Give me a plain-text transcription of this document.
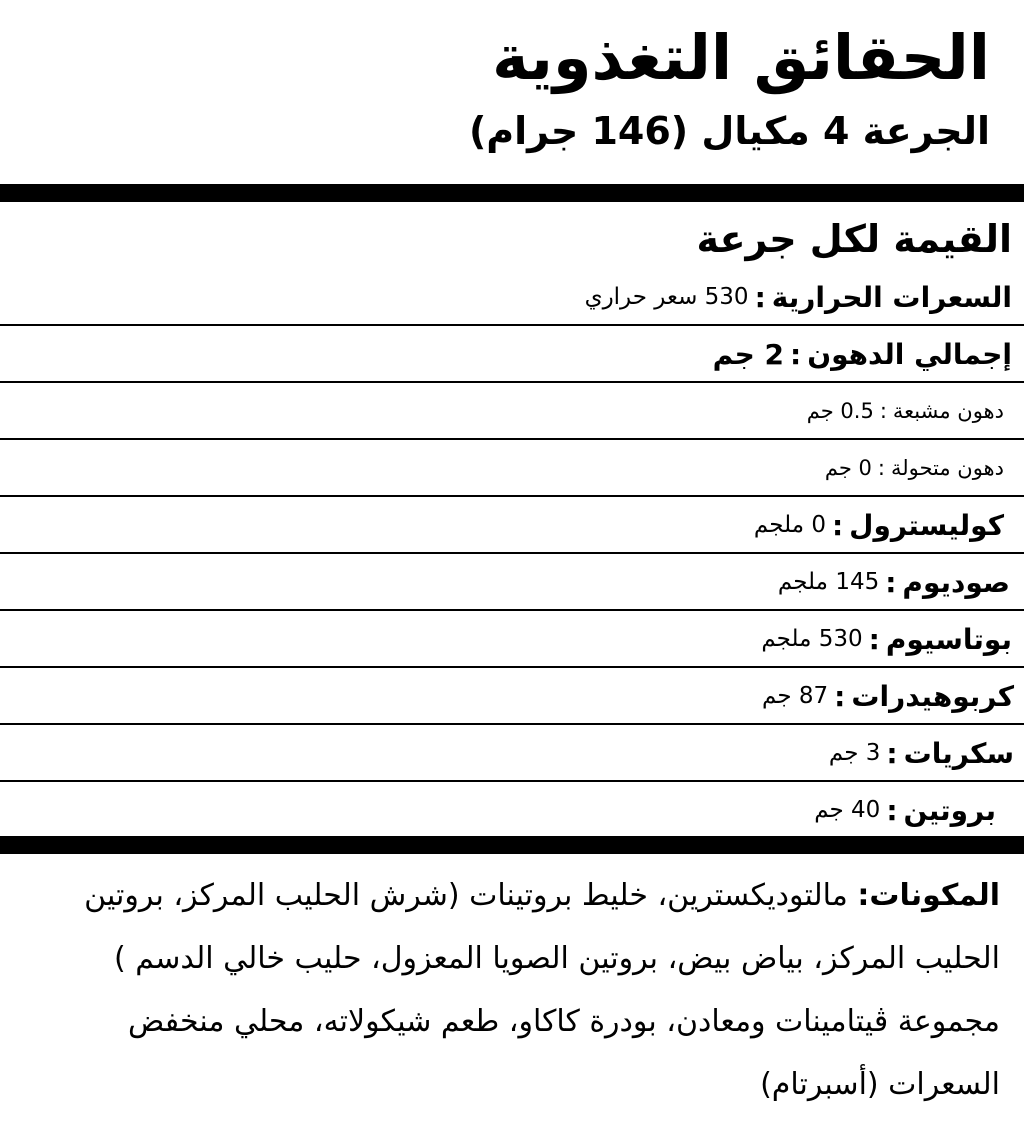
الحقائق التغذوية
الجرعة 4 مكيال (146 جرام)
القيمة لكل جرعة
السعرات الحرارية
:
530 سعر حراري
إجمالي الدهون
:
2 جم
دهون مشبعة
:
0.5 جم
دهون متحولة
:
0 جم
كوليسترول
:
0 ملجم
صوديوم
:
145 ملجم
بوتاسيوم
:
530 ملجم
كربوهيدرات
:
87 جم
سكريات
:
3 جم
بروتين
:
40 جم

المكونات: مالتوديكسترين، خليط بروتينات (شرش الحليب المركز، بروتين الحليب المركز، بياض بيض، بروتين الصويا المعزول، حليب خالي الدسم ) مجموعة ڤيتامينات ومعادن، بودرة كاكاو، طعم شيكولاته، محلي منخفض السعرات (أسبرتام)
